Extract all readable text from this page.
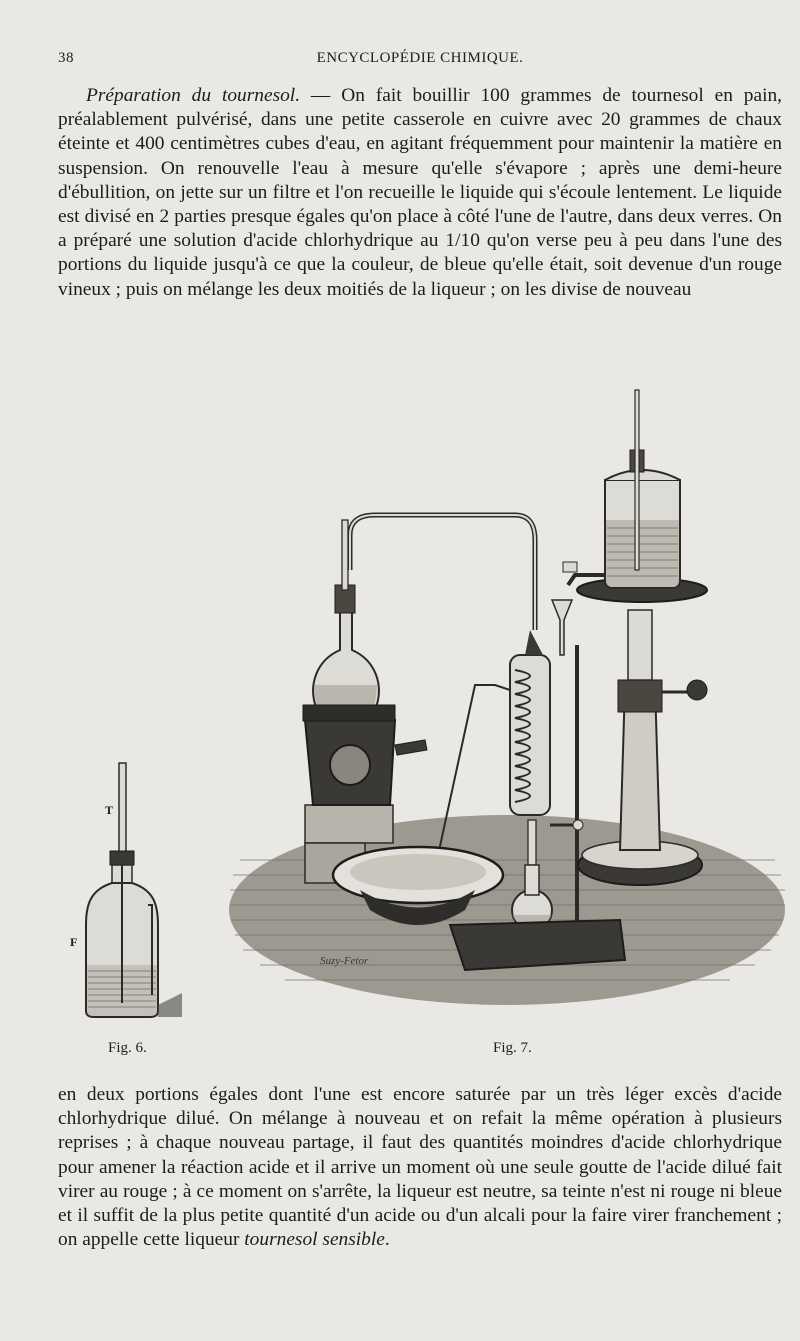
38	ENCYCLOPÉDIE CHIMIQUE.

Préparation du tournesol. — On fait bouillir 100 grammes de tournesol en pain, préalablement pulvérisé, dans une petite casserole en cuivre avec 20 grammes de chaux éteinte et 400 centimètres cubes d'eau, en agitant fréquemment pour maintenir la matière en suspension. On renouvelle l'eau à mesure qu'elle s'évapore ; après une demi-heure d'ébullition, on jette sur un filtre et l'on recueille le liquide qui s'écoule lentement. Le liquide est divisé en 2 parties presque égales qu'on place à côté l'une de l'autre, dans deux verres. On a préparé une solution d'acide chlorhydrique au 1/10 qu'on verse peu à peu dans l'une des portions du liquide jusqu'à ce que la couleur, de bleue qu'elle était, soit devenue d'un rouge vineux ; puis on mélange les deux moitiés de la liqueur ; on les divise de nouveau

T
F
Suzy-Fetor
Fig. 6.	Fig. 7.

en deux portions égales dont l'une est encore saturée par un très léger excès d'acide chlorhydrique dilué. On mélange à nouveau et on refait la même opération à plusieurs reprises ; à chaque nouveau partage, il faut des quantités moindres d'acide chlorhydrique pour amener la réaction acide et il arrive un moment où une seule goutte de l'acide dilué fait virer au rouge ; à ce moment on s'arrête, la liqueur est neutre, sa teinte n'est ni rouge ni bleue et il suffit de la plus petite quantité d'un acide ou d'un alcali pour la faire virer franchement ; on appelle cette liqueur tournesol sensible.
